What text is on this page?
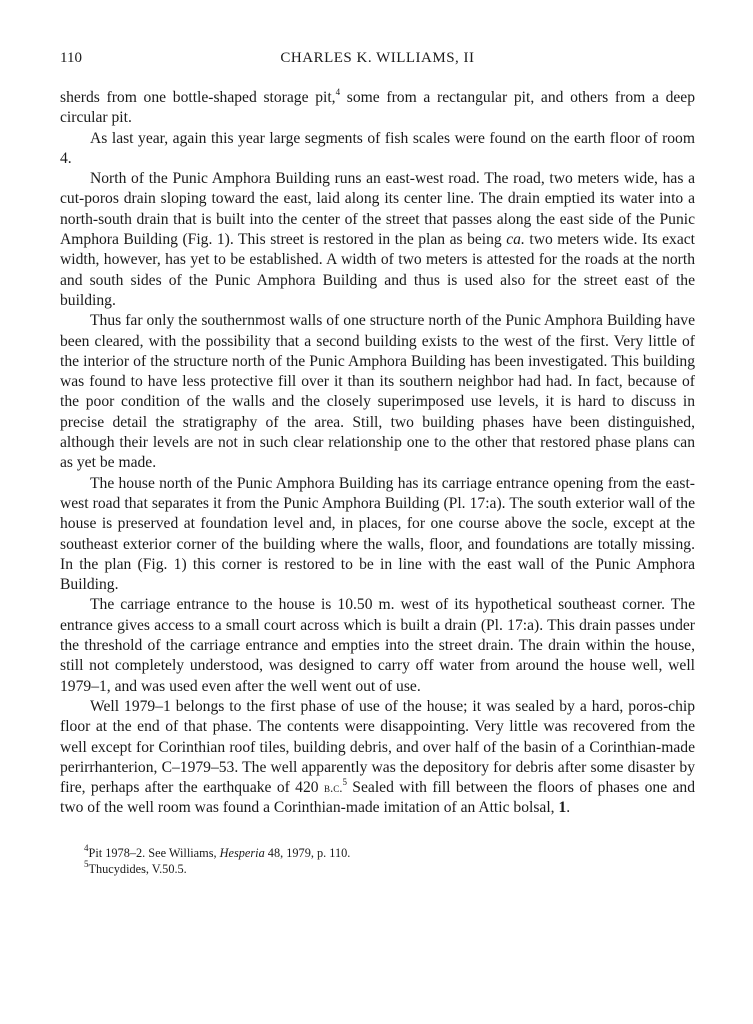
110	CHARLES K. WILLIAMS, II

sherds from one bottle-shaped storage pit,$^4$ some from a rectangular pit, and others from a deep circular pit.

As last year, again this year large segments of fish scales were found on the earth floor of room 4.

North of the Punic Amphora Building runs an east-west road. The road, two meters wide, has a cut-poros drain sloping toward the east, laid along its center line. The drain emptied its water into a north-south drain that is built into the center of the street that passes along the east side of the Punic Amphora Building (Fig. 1). This street is restored in the plan as being ca. two meters wide. Its exact width, however, has yet to be established. A width of two meters is attested for the roads at the north and south sides of the Punic Amphora Building and thus is used also for the street east of the building.

Thus far only the southernmost walls of one structure north of the Punic Amphora Building have been cleared, with the possibility that a second building exists to the west of the first. Very little of the interior of the structure north of the Punic Amphora Building has been investigated. This building was found to have less protective fill over it than its southern neighbor had had. In fact, because of the poor condition of the walls and the closely superimposed use levels, it is hard to discuss in precise detail the stratigraphy of the area. Still, two building phases have been distinguished, although their levels are not in such clear relationship one to the other that restored phase plans can as yet be made.

The house north of the Punic Amphora Building has its carriage entrance opening from the east-west road that separates it from the Punic Amphora Building (Pl. 17:a). The south exterior wall of the house is preserved at foundation level and, in places, for one course above the socle, except at the southeast exterior corner of the building where the walls, floor, and foundations are totally missing. In the plan (Fig. 1) this corner is restored to be in line with the east wall of the Punic Amphora Building.

The carriage entrance to the house is 10.50 m. west of its hypothetical southeast corner. The entrance gives access to a small court across which is built a drain (Pl. 17:a). This drain passes under the threshold of the carriage entrance and empties into the street drain. The drain within the house, still not completely understood, was designed to carry off water from around the house well, well 1979–1, and was used even after the well went out of use.

Well 1979–1 belongs to the first phase of use of the house; it was sealed by a hard, poros-chip floor at the end of that phase. The contents were disappointing. Very little was recovered from the well except for Corinthian roof tiles, building debris, and over half of the basin of a Corinthian-made perirrhanterion, C–1979–53. The well apparently was the depository for debris after some disaster by fire, perhaps after the earthquake of 420 b.c.$^5$ Sealed with fill between the floors of phases one and two of the well room was found a Corinthian-made imitation of an Attic bolsal, 1.

$^4$Pit 1978–2. See Williams, Hesperia 48, 1979, p. 110.

$^5$Thucydides, V.50.5.
